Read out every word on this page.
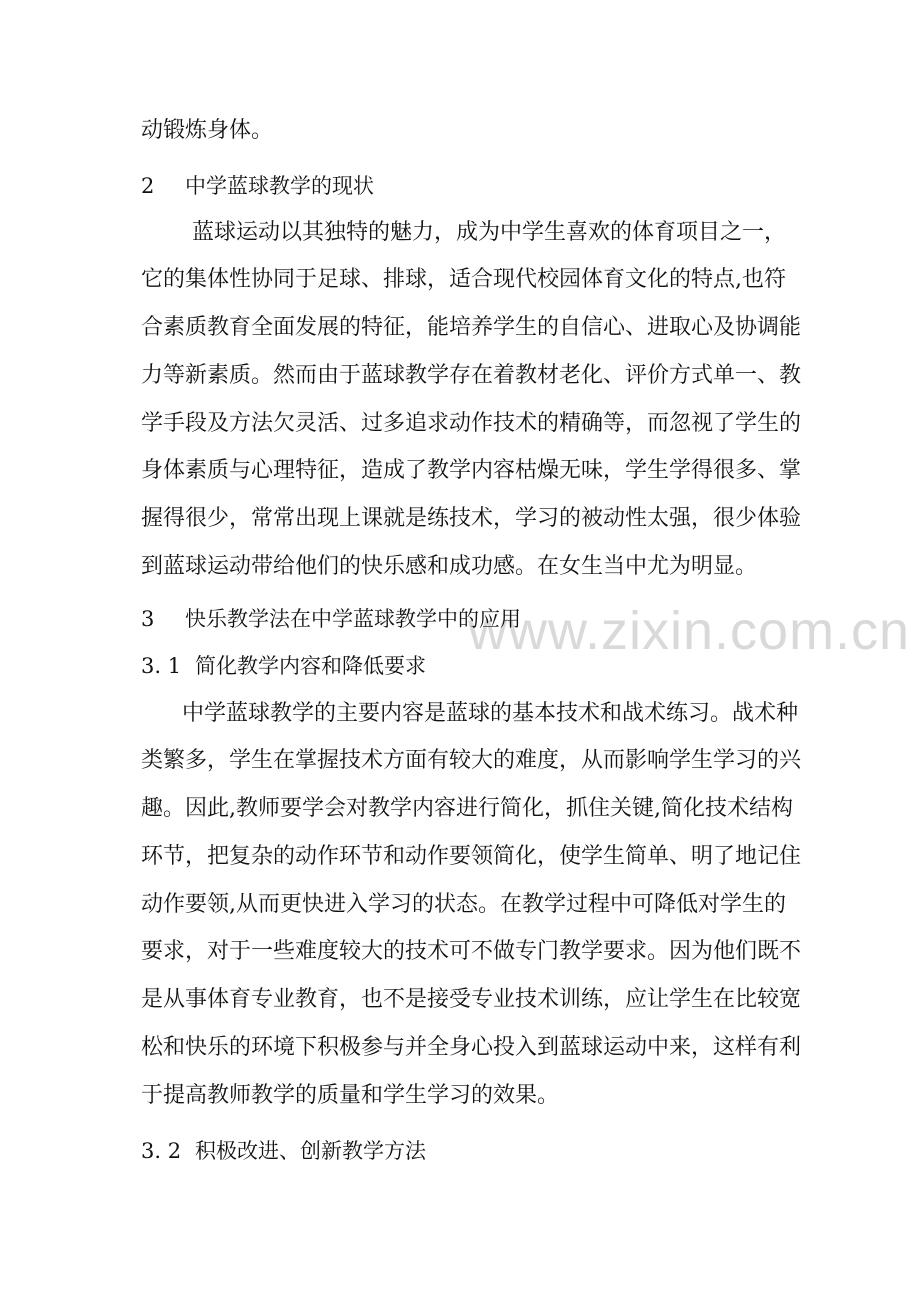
www.zixin.com.cn
动锻炼身体。
2 中学蓝球教学的现状
蓝球运动以其独特的魅力，成为中学生喜欢的体育项目之一，
它的集体性协同于足球、排球，适合现代校园体育文化的特点,也符
合素质教育全面发展的特征，能培养学生的自信心、进取心及协调能
力等新素质。然而由于蓝球教学存在着教材老化、评价方式单一、教
学手段及方法欠灵活、过多追求动作技术的精确等，而忽视了学生的
身体素质与心理特征，造成了教学内容枯燥无味，学生学得很多、掌
握得很少，常常出现上课就是练技术，学习的被动性太强，很少体验
到蓝球运动带给他们的快乐感和成功感。在女生当中尤为明显。
3 快乐教学法在中学蓝球教学中的应用
3. 1 简化教学内容和降低要求
中学蓝球教学的主要内容是蓝球的基本技术和战术练习。战术种
类繁多，学生在掌握技术方面有较大的难度，从而影响学生学习的兴
趣。因此,教师要学会对教学内容进行简化，抓住关键,简化技术结构
环节，把复杂的动作环节和动作要领简化，使学生简单、明了地记住
动作要领,从而更快进入学习的状态。在教学过程中可降低对学生的
要求，对于一些难度较大的技术可不做专门教学要求。因为他们既不
是从事体育专业教育，也不是接受专业技术训练，应让学生在比较宽
松和快乐的环境下积极参与并全身心投入到蓝球运动中来，这样有利
于提高教师教学的质量和学生学习的效果。
3. 2 积极改进、创新教学方法
